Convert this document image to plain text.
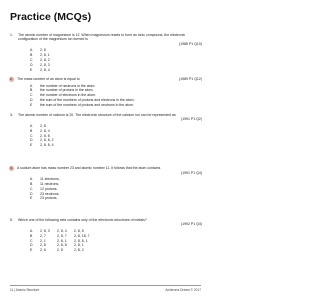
Practice (MCQs)
1.	The atomic number of magnesium is 12. When magnesium reacts to form an ionic compound, the electronic configuration of the magnesium ion formed is
(1988 P1 Q10)
A	2, 8
B	2, 8, 1
C	2, 8, 2
D	2, 8, 3
E	2, 8, 4
2. The mass number of an atom is equal to	(1989 P1 Q12)
A	the number of neutrons in the atom.
B	the number of protons in the atom.
C	the number of electrons in the atom.
D	the sum of the numbers of protons and electrons in the atom.
E	the sum of the numbers of protons and neutrons in the atom.
3.	The atomic number of calcium is 20. The electronic structure of the calcium ion can be represented as
(1991 P1 Q2)
A	2, 8
B	2, 8, 4
C	2, 8, 8
D	2, 8, 8, 2
E	2, 8, 8, 4
4. A sodium atom has mass number 23 and atomic number 11. It follows that the atom contains
(1991 P1 Q4)
A	11 electrons.
B	11 neutrons.
C	12 protons.
D	23 neutrons.
E	23 protons.
5.	Which one of the following sets contains only of the electronic structures of metals?
(1992 P1 Q4)
A	2, 8, 3	2, 8, 4	2, 8, 5
B	2, 7	2, 8, 7	2, 8, 18, 7
C	2, 1	2, 8, 1	2, 8, 8, 1
D	2, 8	2, 8, 8	2, 8, 1
E	2, 6	2, 8	2, 8, 2
11 | Atomic Structure	Achievers Dream © 2017
